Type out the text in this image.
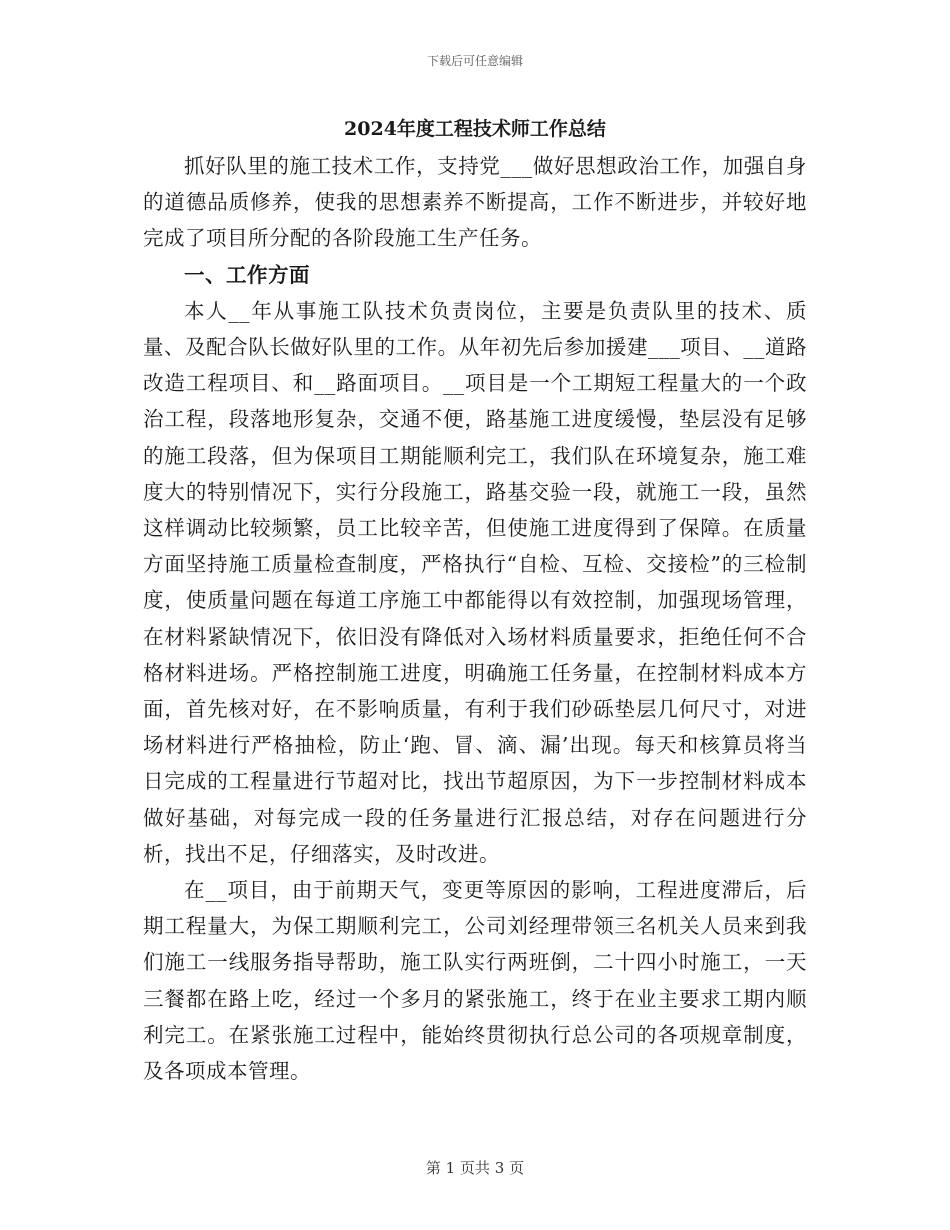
下载后可任意编辑
2024年度工程技术师工作总结

抓好队里的施工技术工作，支持党___做好思想政治工作，加强自身的道德品质修养，使我的思想素养不断提高，工作不断进步，并较好地完成了项目所分配的各阶段施工生产任务。

一、工作方面

本人__年从事施工队技术负责岗位，主要是负责队里的技术、质量、及配合队长做好队里的工作。从年初先后参加援建___项目、__道路改造工程项目、和__路面项目。__项目是一个工期短工程量大的一个政治工程，段落地形复杂，交通不便，路基施工进度缓慢，垫层没有足够的施工段落，但为保项目工期能顺利完工，我们队在环境复杂，施工难度大的特别情况下，实行分段施工，路基交验一段，就施工一段，虽然这样调动比较频繁，员工比较辛苦，但使施工进度得到了保障。在质量方面坚持施工质量检查制度，严格执行“自检、互检、交接检”的三检制度，使质量问题在每道工序施工中都能得以有效控制，加强现场管理，在材料紧缺情况下，依旧没有降低对入场材料质量要求，拒绝任何不合格材料进场。严格控制施工进度，明确施工任务量，在控制材料成本方面，首先核对好，在不影响质量，有利于我们砂砾垫层几何尺寸，对进场材料进行严格抽检，防止‘跑、冒、滴、漏’出现。每天和核算员将当日完成的工程量进行节超对比，找出节超原因，为下一步控制材料成本做好基础，对每完成一段的任务量进行汇报总结，对存在问题进行分析，找出不足，仔细落实，及时改进。

在__项目，由于前期天气，变更等原因的影响，工程进度滞后，后期工程量大，为保工期顺利完工，公司刘经理带领三名机关人员来到我们施工一线服务指导帮助，施工队实行两班倒，二十四小时施工，一天三餐都在路上吃，经过一个多月的紧张施工，终于在业主要求工期内顺利完工。在紧张施工过程中，能始终贯彻执行总公司的各项规章制度，及各项成本管理。

第 1 页共 3 页
